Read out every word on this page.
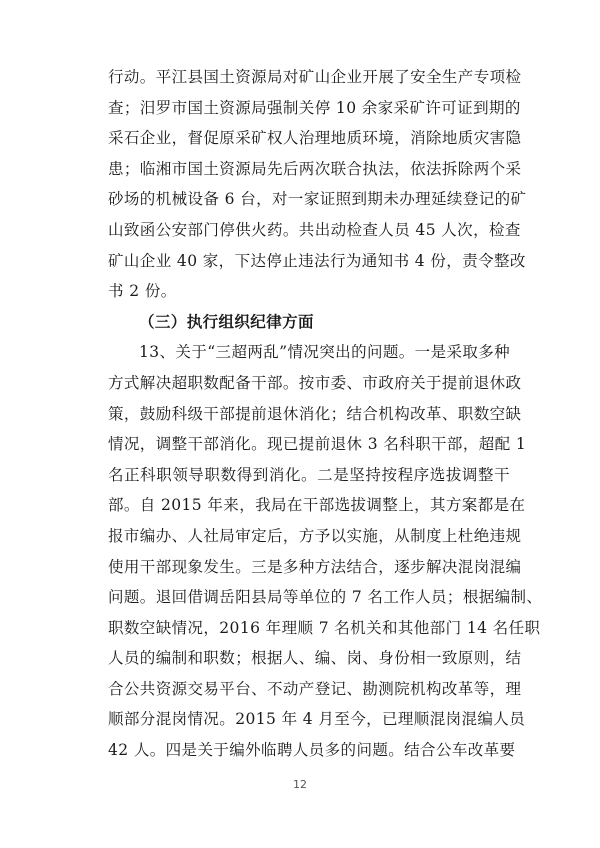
行动。平江县国土资源局对矿山企业开展了安全生产专项检
查；汨罗市国土资源局强制关停 10 余家采矿许可证到期的
采石企业，督促原采矿权人治理地质环境，消除地质灾害隐
患；临湘市国土资源局先后两次联合执法，依法拆除两个采
砂场的机械设备 6 台，对一家证照到期未办理延续登记的矿
山致函公安部门停供火药。共出动检查人员 45 人次，检查
矿山企业 40 家，下达停止违法行为通知书 4 份，责令整改
书 2 份。
（三）执行组织纪律方面
13、关于“三超两乱”情况突出的问题。一是采取多种
方式解决超职数配备干部。按市委、市政府关于提前退休政
策，鼓励科级干部提前退休消化；结合机构改革、职数空缺
情况，调整干部消化。现已提前退休 3 名科职干部，超配 1
名正科职领导职数得到消化。二是坚持按程序选拔调整干
部。自 2015 年来，我局在干部选拔调整上，其方案都是在
报市编办、人社局审定后，方予以实施，从制度上杜绝违规
使用干部现象发生。三是多种方法结合，逐步解决混岗混编
问题。退回借调岳阳县局等单位的 7 名工作人员；根据编制、
职数空缺情况，2016 年理顺 7 名机关和其他部门 14 名任职
人员的编制和职数；根据人、编、岗、身份相一致原则，结
合公共资源交易平台、不动产登记、勘测院机构改革等，理
顺部分混岗情况。2015 年 4 月至今，已理顺混岗混编人员
42 人。四是关于编外临聘人员多的问题。结合公车改革要
12
